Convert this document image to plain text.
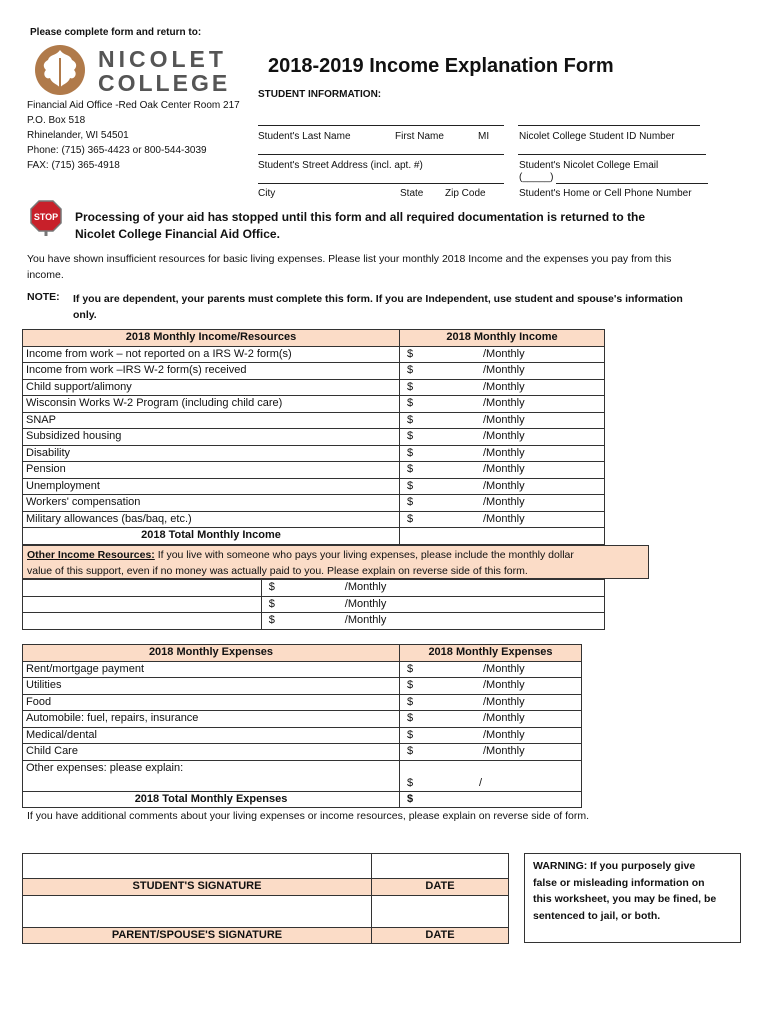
Please complete form and return to:
NICOLET
COLLEGE
2018-2019 Income Explanation Form
Financial Aid Office -Red Oak Center Room 217
P.O. Box 518
Rhinelander, WI 54501
Phone: (715) 365-4423 or 800-544-3039
FAX: (715) 365-4918
STUDENT INFORMATION:
Student's Last Name	First Name	MI	Nicolet College Student ID Number
Student's Street Address (incl. apt. #)	Student's Nicolet College Email
(_____)
City	State Zip Code	Student's Home or Cell Phone Number
STOP Processing of your aid has stopped until this form and all required documentation is returned to the
Nicolet College Financial Aid Office.
You have shown insufficient resources for basic living expenses. Please list your monthly 2018 Income and the expenses you pay from this
income.
NOTE: If you are dependent, your parents must complete this form. If you are Independent, use student and spouse's information
only.
2018 Monthly Income/Resources	2018 Monthly Income
Income from work – not reported on a IRS W-2 form(s)	$ /Monthly

Income from work –IRS W-2 form(s) received	$ /Monthly

Child support/alimony	$ /Monthly

Wisconsin Works W-2 Program (including child care)	$ /Monthly

SNAP	$ /Monthly

Subsidized housing	$ /Monthly

Disability	$ /Monthly

Pension	$ /Monthly

Unemployment	$ /Monthly

Workers' compensation	$ /Monthly

Military allowances (bas/baq, etc.)	$ /Monthly

2018 Total Monthly Income	
Other Income Resources: If you live with someone who pays your living expenses, please include the monthly dollar
value of this support, even if no money was actually paid to you. Please explain on reverse side of this form.

	$ /Monthly

	$ /Monthly

	$ /Monthly

2018 Monthly Expenses	2018 Monthly Expenses
Rent/mortgage payment	$ /Monthly

Utilities	$ /Monthly

Food	$ /Monthly

Automobile: fuel, repairs, insurance	$ /Monthly

Medical/dental	$ /Monthly

Child Care	$ /Monthly

Other expenses: please explain:	$ /

2018 Total Monthly Expenses	$

If you have additional comments about your living expenses or income resources, please explain on reverse side of form.

STUDENT'S SIGNATURE	DATE

PARENT/SPOUSE'S SIGNATURE	DATE
WARNING: If you purposely give
false or misleading information on
this worksheet, you may be fined, be
sentenced to jail, or both.
